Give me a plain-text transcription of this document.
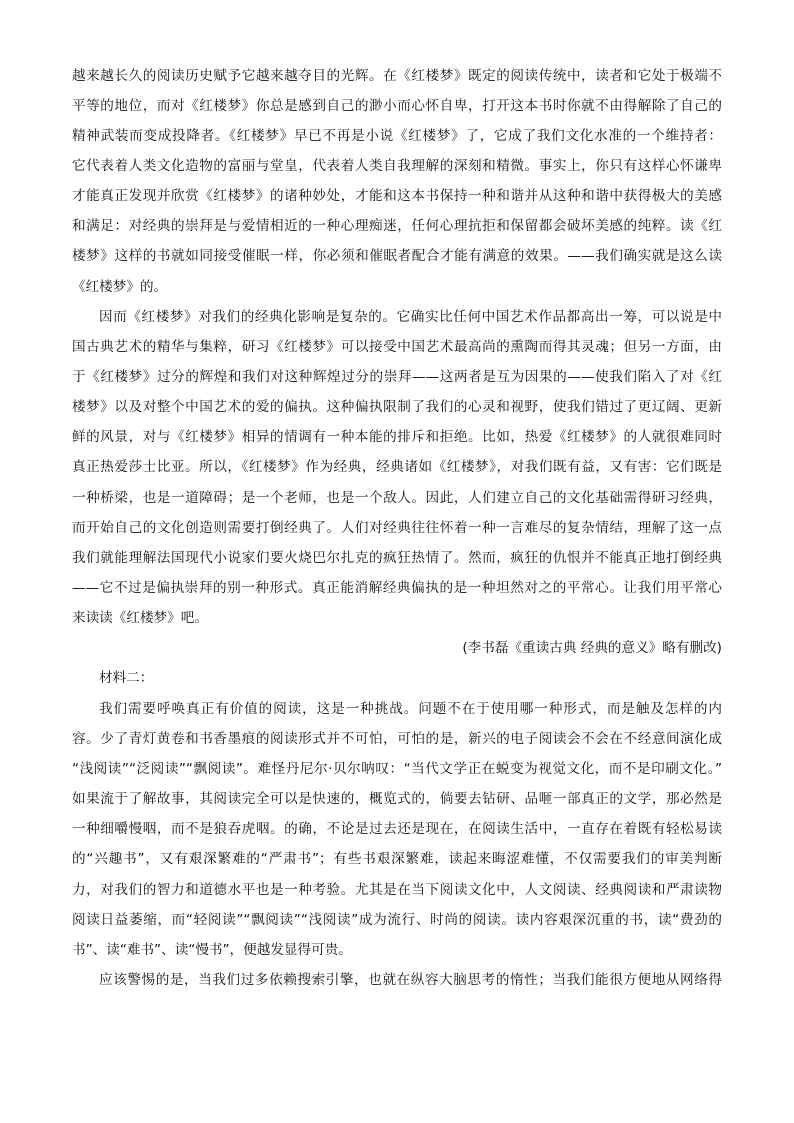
越来越长久的阅读历史赋予它越来越夺目的光辉。在《红楼梦》既定的阅读传统中，读者和它处于极端不
平等的地位，而对《红楼梦》你总是感到自己的渺小而心怀自卑，打开这本书时你就不由得解除了自己的
精神武装而变成投降者。《红楼梦》早已不再是小说《红楼梦》了，它成了我们文化水准的一个维持者：
它代表着人类文化造物的富丽与堂皇，代表着人类自我理解的深刻和精微。事实上，你只有这样心怀谦卑
才能真正发现并欣赏《红楼梦》的诸种妙处，才能和这本书保持一种和谐并从这种和谐中获得极大的美感
和满足：对经典的崇拜是与爱情相近的一种心理痴迷，任何心理抗拒和保留都会破坏美感的纯粹。读《红
楼梦》这样的书就如同接受催眠一样，你必须和催眠者配合才能有满意的效果。——我们确实就是这么读
《红楼梦》的。
因而《红楼梦》对我们的经典化影响是复杂的。它确实比任何中国艺术作品都高出一筹，可以说是中
国古典艺术的精华与集粹，研习《红楼梦》可以接受中国艺术最高尚的熏陶而得其灵魂；但另一方面，由
于《红楼梦》过分的辉煌和我们对这种辉煌过分的崇拜——这两者是互为因果的——使我们陷入了对《红
楼梦》以及对整个中国艺术的爱的偏执。这种偏执限制了我们的心灵和视野，使我们错过了更辽阔、更新
鲜的风景，对与《红楼梦》相异的情调有一种本能的排斥和拒绝。比如，热爱《红楼梦》的人就很难同时
真正热爱莎士比亚。所以，《红楼梦》作为经典，经典诸如《红楼梦》，对我们既有益，又有害：它们既是
一种桥梁，也是一道障碍；是一个老师，也是一个敌人。因此，人们建立自己的文化基础需得研习经典，
而开始自己的文化创造则需要打倒经典了。人们对经典往往怀着一种一言难尽的复杂情结，理解了这一点
我们就能理解法国现代小说家们要火烧巴尔扎克的疯狂热情了。然而，疯狂的仇恨并不能真正地打倒经典
——它不过是偏执崇拜的别一种形式。真正能消解经典偏执的是一种坦然对之的平常心。让我们用平常心
来读读《红楼梦》吧。
(李书磊《重读古典 经典的意义》略有删改)
材料二：
我们需要呼唤真正有价值的阅读，这是一种挑战。问题不在于使用哪一种形式，而是触及怎样的内
容。少了青灯黄卷和书香墨痕的阅读形式并不可怕，可怕的是，新兴的电子阅读会不会在不经意间演化成
“浅阅读”“泛阅读”“飘阅读”。难怪丹尼尔·贝尔呐叹：“当代文学正在蜕变为视觉文化，而不是印刷文化。”
如果流于了解故事，其阅读完全可以是快速的，概览式的，倘要去钻研、品咂一部真正的文学，那必然是
一种细嚼慢咽，而不是狼吞虎咽。的确，不论是过去还是现在，在阅读生活中，一直存在着既有轻松易读
的“兴趣书”，又有艰深繁难的“严肃书”；有些书艰深繁难，读起来晦涩难懂，不仅需要我们的审美判断
力，对我们的智力和道德水平也是一种考验。尤其是在当下阅读文化中，人文阅读、经典阅读和严肃读物
阅读日益萎缩，而“轻阅读”“飘阅读”“浅阅读”成为流行、时尚的阅读。读内容艰深沉重的书，读“费劲的
书”、读“难书”、读“慢书”，便越发显得可贵。
应该警惕的是，当我们过多依赖搜索引擎，也就在纵容大脑思考的惰性；当我们能很方便地从网络得
